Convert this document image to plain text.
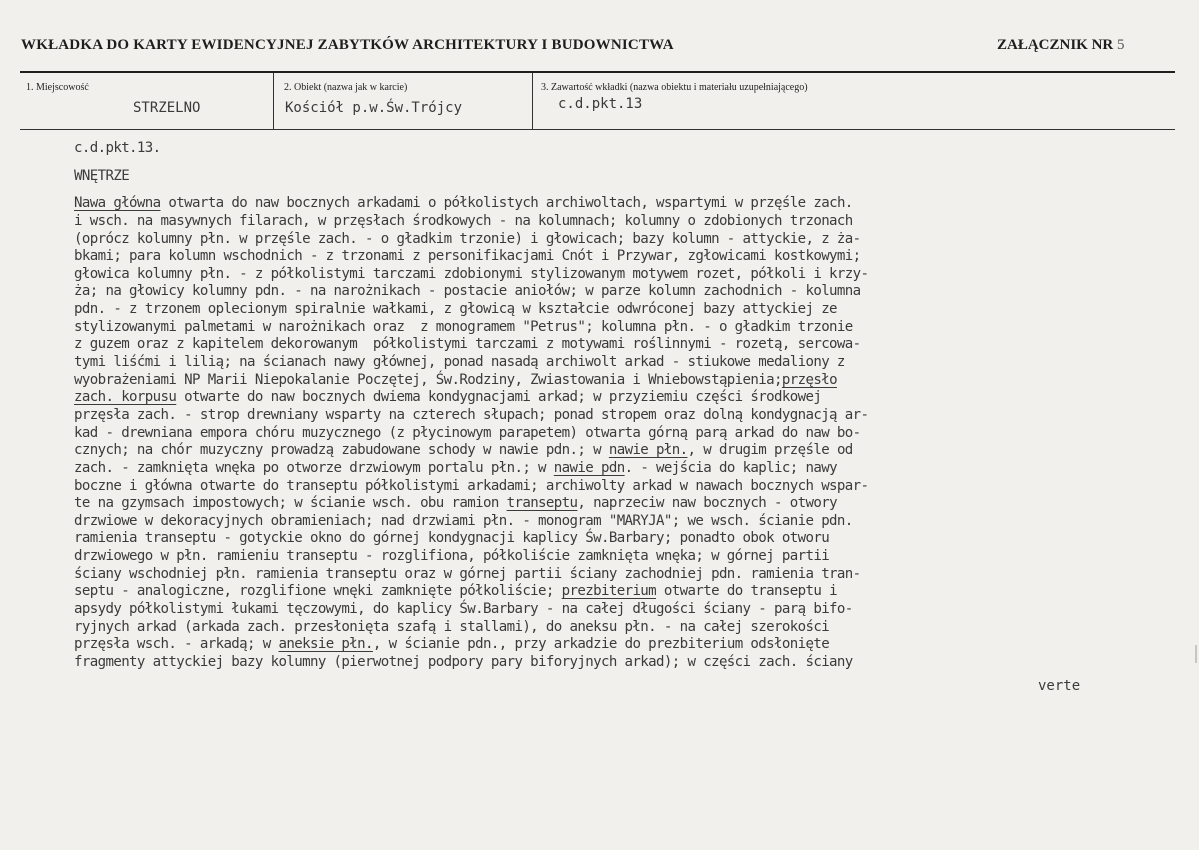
WKŁADKA DO KARTY EWIDENCYJNEJ ZABYTKÓW ARCHITEKTURY I BUDOWNICTWA	ZAŁĄCZNIK NR 5
1. Miejscowość
STRZELNO
2. Obiekt (nazwa jak w karcie)
Kościół p.w.Św.Trójcy
3. Zawartość wkładki (nazwa obiektu i materiału uzupełniającego)
c.d.pkt.13
c.d.pkt.13.
WNĘTRZE
Nawa główna otwarta do naw bocznych arkadami o półkolistych archiwoltach, wspartymi w przęśle zach.
i wsch. na masywnych filarach, w przęsłach środkowych - na kolumnach; kolumny o zdobionych trzonach
(oprócz kolumny płn. w przęśle zach. - o gładkim trzonie) i głowicach; bazy kolumn - attyckie, z ża-
bkami; para kolumn wschodnich - z trzonami z personifikacjami Cnót i Przywar, zgłowicami kostkowymi;
głowica kolumny płn. - z półkolistymi tarczami zdobionymi stylizowanym motywem rozet, półkoli i krzy-
ża; na głowicy kolumny pdn. - na narożnikach - postacie aniołów; w parze kolumn zachodnich - kolumna
pdn. - z trzonem oplecionym spiralnie wałkami, z głowicą w kształcie odwróconej bazy attyckiej ze
stylizowanymi palmetami w narożnikach oraz  z monogramem "Petrus"; kolumna płn. - o gładkim trzonie
z guzem oraz z kapitelem dekorowanym  półkolistymi tarczami z motywami roślinnymi - rozetą, sercowa-
tymi liśćmi i lilią; na ścianach nawy głównej, ponad nasadą archiwolt arkad - stiukowe medaliony z
wyobrażeniami NP Marii Niepokalanie Poczętej, Św.Rodziny, Zwiastowania i Wniebowstąpienia;przęsło
zach. korpusu otwarte do naw bocznych dwiema kondygnacjami arkad; w przyziemiu części środkowej
przęsła zach. - strop drewniany wsparty na czterech słupach; ponad stropem oraz dolną kondygnacją ar-
kad - drewniana empora chóru muzycznego (z płycinowym parapetem) otwarta górną parą arkad do naw bo-
cznych; na chór muzyczny prowadzą zabudowane schody w nawie pdn.; w nawie płn., w drugim przęśle od
zach. - zamknięta wnęka po otworze drzwiowym portalu płn.; w nawie pdn. - wejścia do kaplic; nawy
boczne i główna otwarte do transeptu półkolistymi arkadami; archiwolty arkad w nawach bocznych wspar-
te na gzymsach impostowych; w ścianie wsch. obu ramion transeptu, naprzeciw naw bocznych - otwory
drzwiowe w dekoracyjnych obramieniach; nad drzwiami płn. - monogram "MARYJA"; we wsch. ścianie pdn.
ramienia transeptu - gotyckie okno do górnej kondygnacji kaplicy Św.Barbary; ponadto obok otworu
drzwiowego w płn. ramieniu transeptu - rozglifiona, półkoliście zamknięta wnęka; w górnej partii
ściany wschodniej płn. ramienia transeptu oraz w górnej partii ściany zachodniej pdn. ramienia tran-
septu - analogiczne, rozglifione wnęki zamknięte półkoliście; prezbiterium otwarte do transeptu i
apsydy półkolistymi łukami tęczowymi, do kaplicy Św.Barbary - na całej długości ściany - parą bifo-
ryjnych arkad (arkada zach. przesłonięta szafą i stallami), do aneksu płn. - na całej szerokości
przęsła wsch. - arkadą; w aneksie płn., w ścianie pdn., przy arkadzie do prezbiterium odsłonięte
fragmenty attyckiej bazy kolumny (pierwotnej podpory pary biforyjnych arkad); w części zach. ściany
verte
